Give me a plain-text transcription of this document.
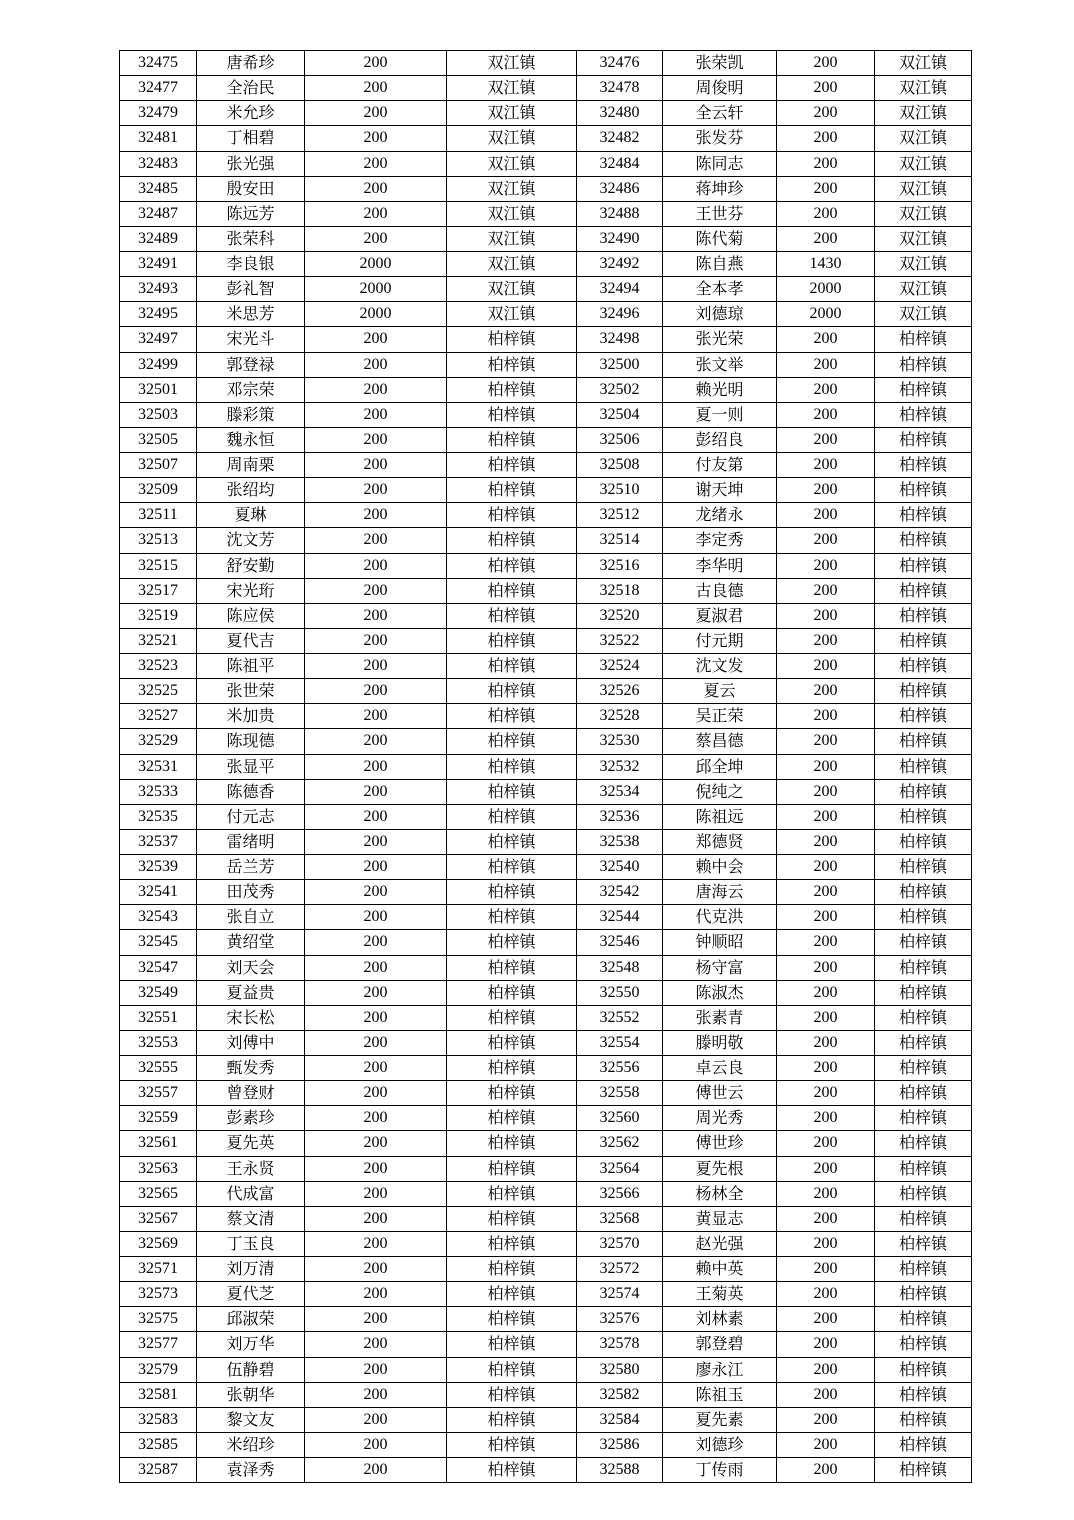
32475	唐希珍	200	双江镇	32476	张荣凯	200	双江镇
32477	全治民	200	双江镇	32478	周俊明	200	双江镇
32479	米允珍	200	双江镇	32480	全云轩	200	双江镇
32481	丁相碧	200	双江镇	32482	张发芬	200	双江镇
32483	张光强	200	双江镇	32484	陈同志	200	双江镇
32485	殷安田	200	双江镇	32486	蒋坤珍	200	双江镇
32487	陈远芳	200	双江镇	32488	王世芬	200	双江镇
32489	张荣科	200	双江镇	32490	陈代菊	200	双江镇
32491	李良银	2000	双江镇	32492	陈自燕	1430	双江镇
32493	彭礼智	2000	双江镇	32494	全本孝	2000	双江镇
32495	米思芳	2000	双江镇	32496	刘德琼	2000	双江镇
32497	宋光斗	200	柏梓镇	32498	张光荣	200	柏梓镇
32499	郭登禄	200	柏梓镇	32500	张文举	200	柏梓镇
32501	邓宗荣	200	柏梓镇	32502	赖光明	200	柏梓镇
32503	滕彩策	200	柏梓镇	32504	夏一则	200	柏梓镇
32505	魏永恒	200	柏梓镇	32506	彭绍良	200	柏梓镇
32507	周南栗	200	柏梓镇	32508	付友第	200	柏梓镇
32509	张绍均	200	柏梓镇	32510	谢天坤	200	柏梓镇
32511	夏琳	200	柏梓镇	32512	龙绪永	200	柏梓镇
32513	沈文芳	200	柏梓镇	32514	李定秀	200	柏梓镇
32515	舒安勤	200	柏梓镇	32516	李华明	200	柏梓镇
32517	宋光珩	200	柏梓镇	32518	古良德	200	柏梓镇
32519	陈应侯	200	柏梓镇	32520	夏淑君	200	柏梓镇
32521	夏代吉	200	柏梓镇	32522	付元期	200	柏梓镇
32523	陈祖平	200	柏梓镇	32524	沈文发	200	柏梓镇
32525	张世荣	200	柏梓镇	32526	夏云	200	柏梓镇
32527	米加贵	200	柏梓镇	32528	吴正荣	200	柏梓镇
32529	陈现德	200	柏梓镇	32530	蔡昌德	200	柏梓镇
32531	张显平	200	柏梓镇	32532	邱全坤	200	柏梓镇
32533	陈德香	200	柏梓镇	32534	倪纯之	200	柏梓镇
32535	付元志	200	柏梓镇	32536	陈祖远	200	柏梓镇
32537	雷绪明	200	柏梓镇	32538	郑德贤	200	柏梓镇
32539	岳兰芳	200	柏梓镇	32540	赖中会	200	柏梓镇
32541	田茂秀	200	柏梓镇	32542	唐海云	200	柏梓镇
32543	张自立	200	柏梓镇	32544	代克洪	200	柏梓镇
32545	黄绍堂	200	柏梓镇	32546	钟顺昭	200	柏梓镇
32547	刘天会	200	柏梓镇	32548	杨守富	200	柏梓镇
32549	夏益贵	200	柏梓镇	32550	陈淑杰	200	柏梓镇
32551	宋长松	200	柏梓镇	32552	张素青	200	柏梓镇
32553	刘傅中	200	柏梓镇	32554	滕明敬	200	柏梓镇
32555	甄发秀	200	柏梓镇	32556	卓云良	200	柏梓镇
32557	曾登财	200	柏梓镇	32558	傅世云	200	柏梓镇
32559	彭素珍	200	柏梓镇	32560	周光秀	200	柏梓镇
32561	夏先英	200	柏梓镇	32562	傅世珍	200	柏梓镇
32563	王永贤	200	柏梓镇	32564	夏先根	200	柏梓镇
32565	代成富	200	柏梓镇	32566	杨林全	200	柏梓镇
32567	蔡文清	200	柏梓镇	32568	黄显志	200	柏梓镇
32569	丁玉良	200	柏梓镇	32570	赵光强	200	柏梓镇
32571	刘万清	200	柏梓镇	32572	赖中英	200	柏梓镇
32573	夏代芝	200	柏梓镇	32574	王菊英	200	柏梓镇
32575	邱淑荣	200	柏梓镇	32576	刘林素	200	柏梓镇
32577	刘万华	200	柏梓镇	32578	郭登碧	200	柏梓镇
32579	伍静碧	200	柏梓镇	32580	廖永江	200	柏梓镇
32581	张朝华	200	柏梓镇	32582	陈祖玉	200	柏梓镇
32583	黎文友	200	柏梓镇	32584	夏先素	200	柏梓镇
32585	米绍珍	200	柏梓镇	32586	刘德珍	200	柏梓镇
32587	袁泽秀	200	柏梓镇	32588	丁传雨	200	柏梓镇
